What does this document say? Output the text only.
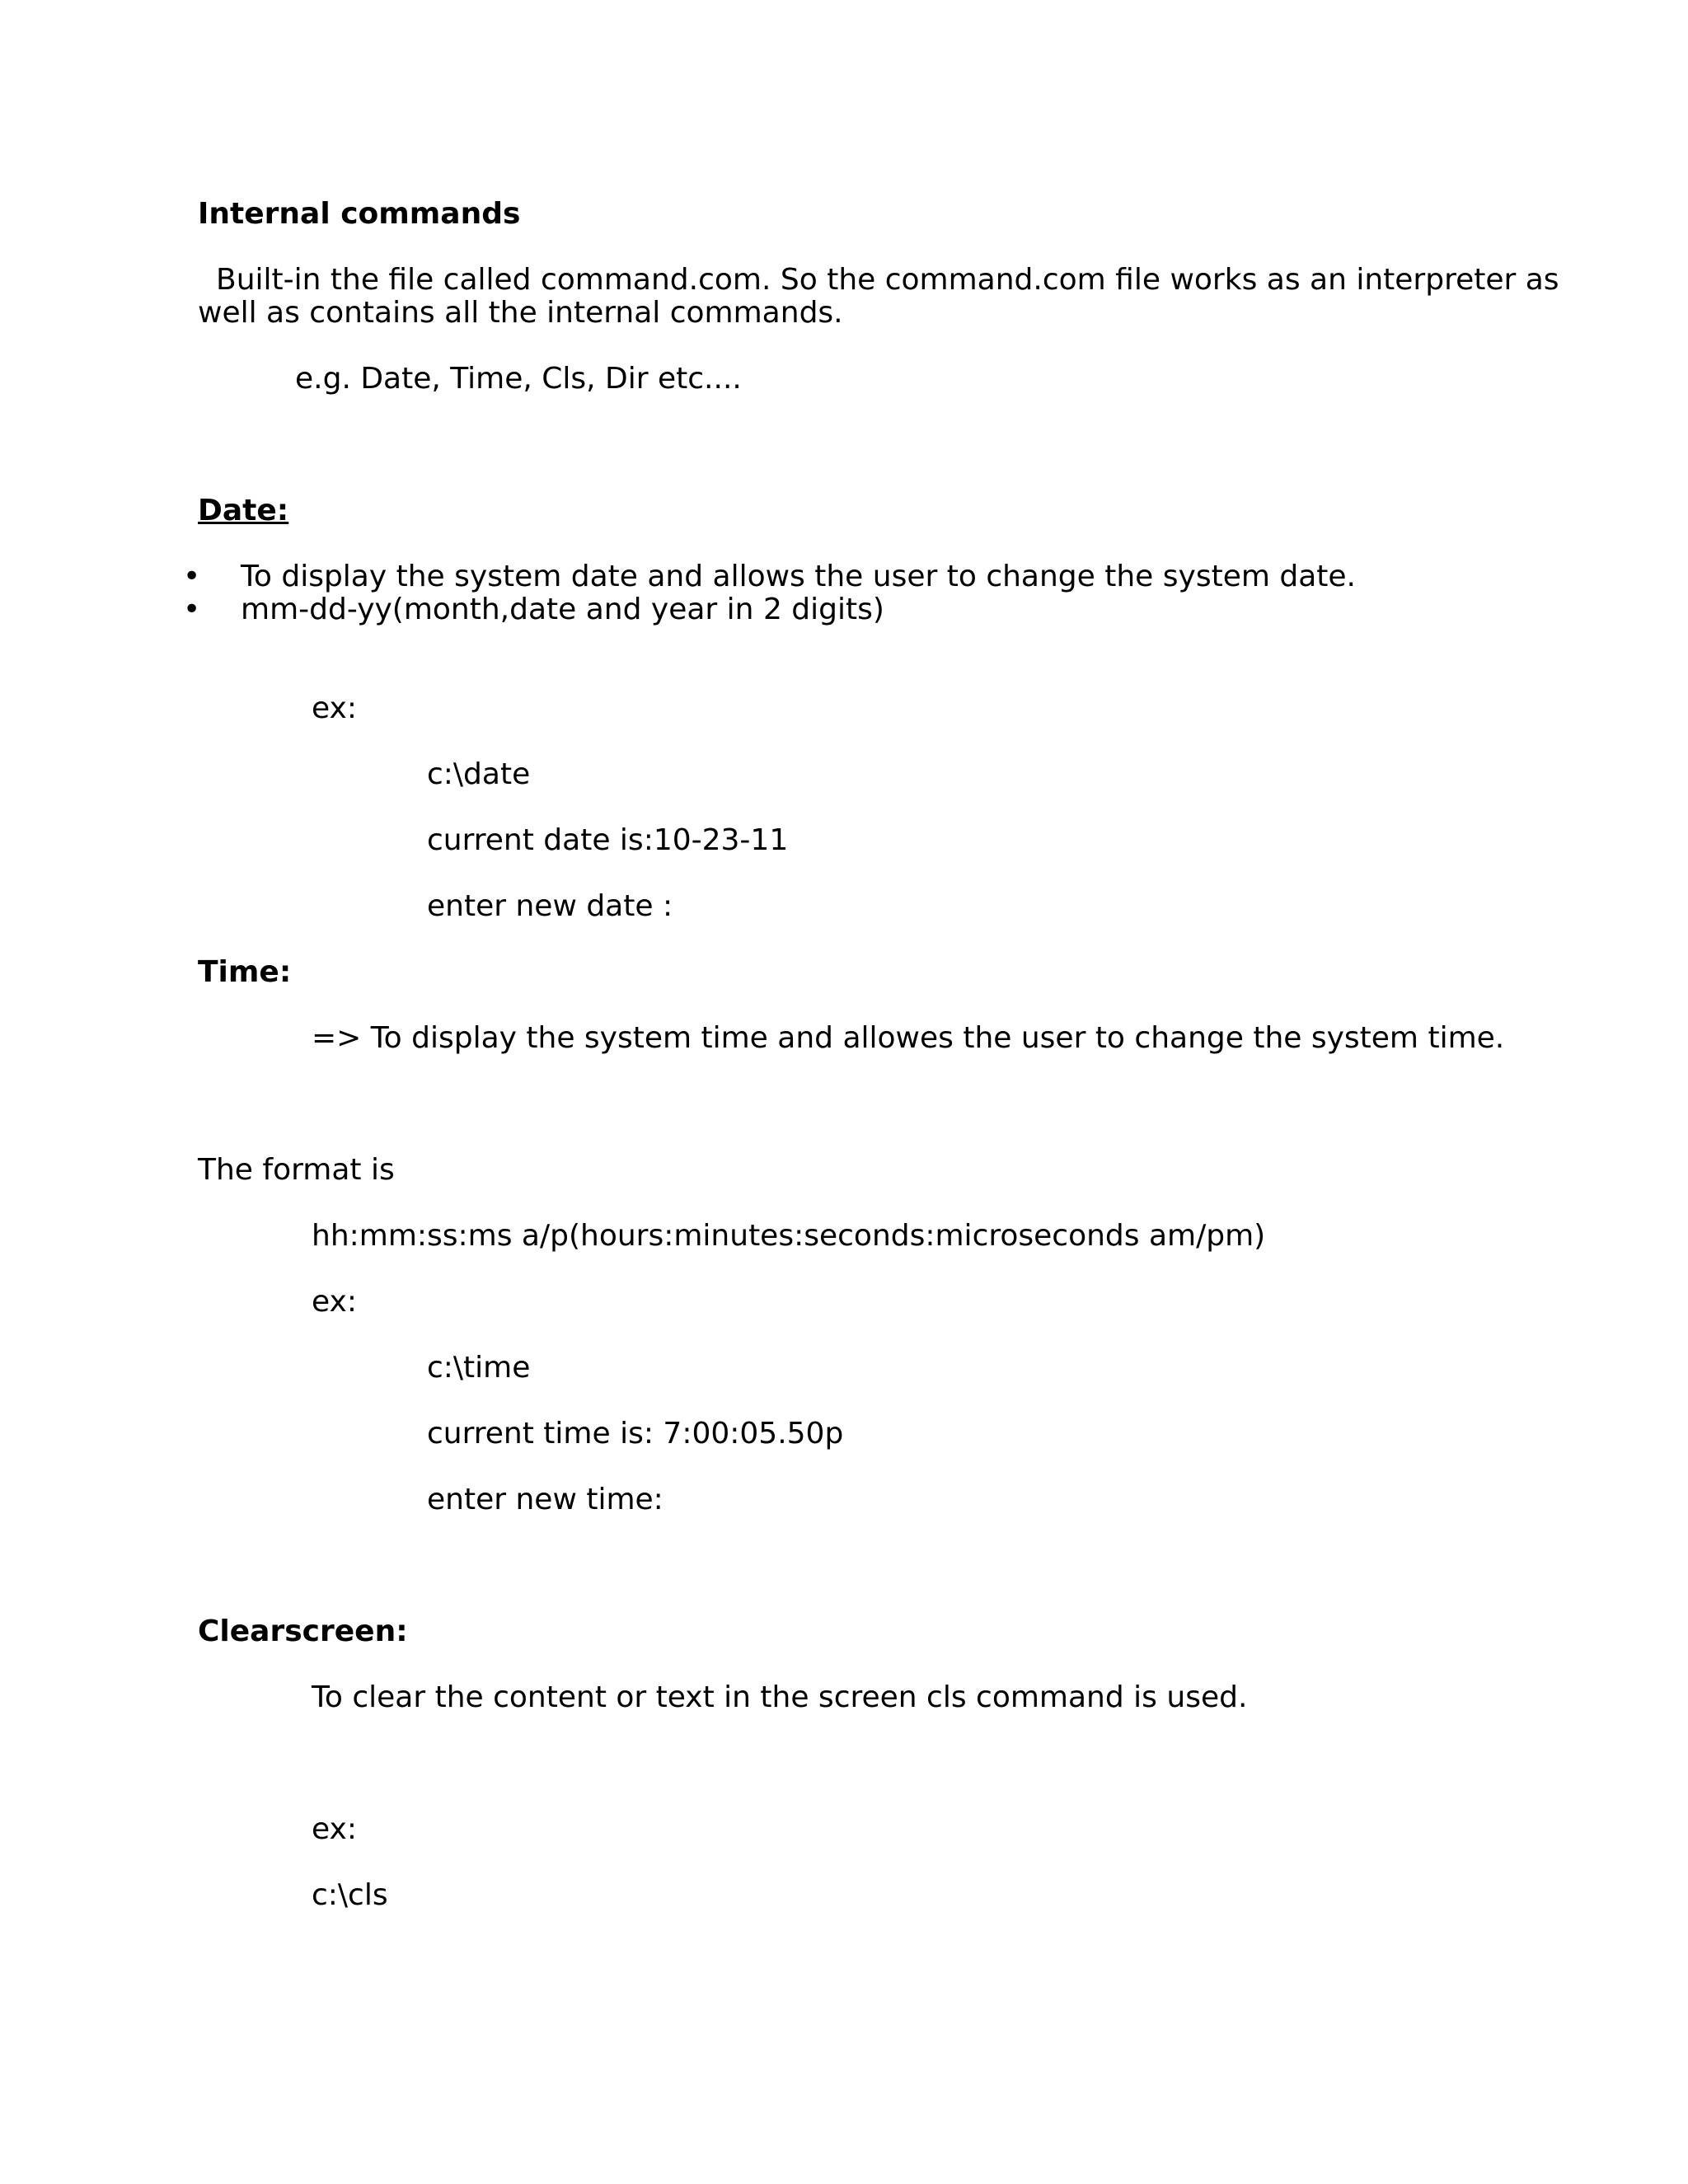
Internal commands

Built-in the file called command.com. So the command.com file works as an interpreter as

well as contains all the internal commands.

e.g. Date, Time, Cls, Dir etc....

Date:

• To display the system date and allows the user to change the system date.

• mm-dd-yy(month,date and year in 2 digits)

ex:

c:\date

current date is:10-23-11

enter new date :

Time:

=> To display the system time and allowes the user to change the system time.

The format is

hh:mm:ss:ms a/p(hours:minutes:seconds:microseconds am/pm)

ex:

c:\time

current time is: 7:00:05.50p

enter new time:

Clearscreen:

To clear the content or text in the screen cls command is used.

ex:

c:\cls
